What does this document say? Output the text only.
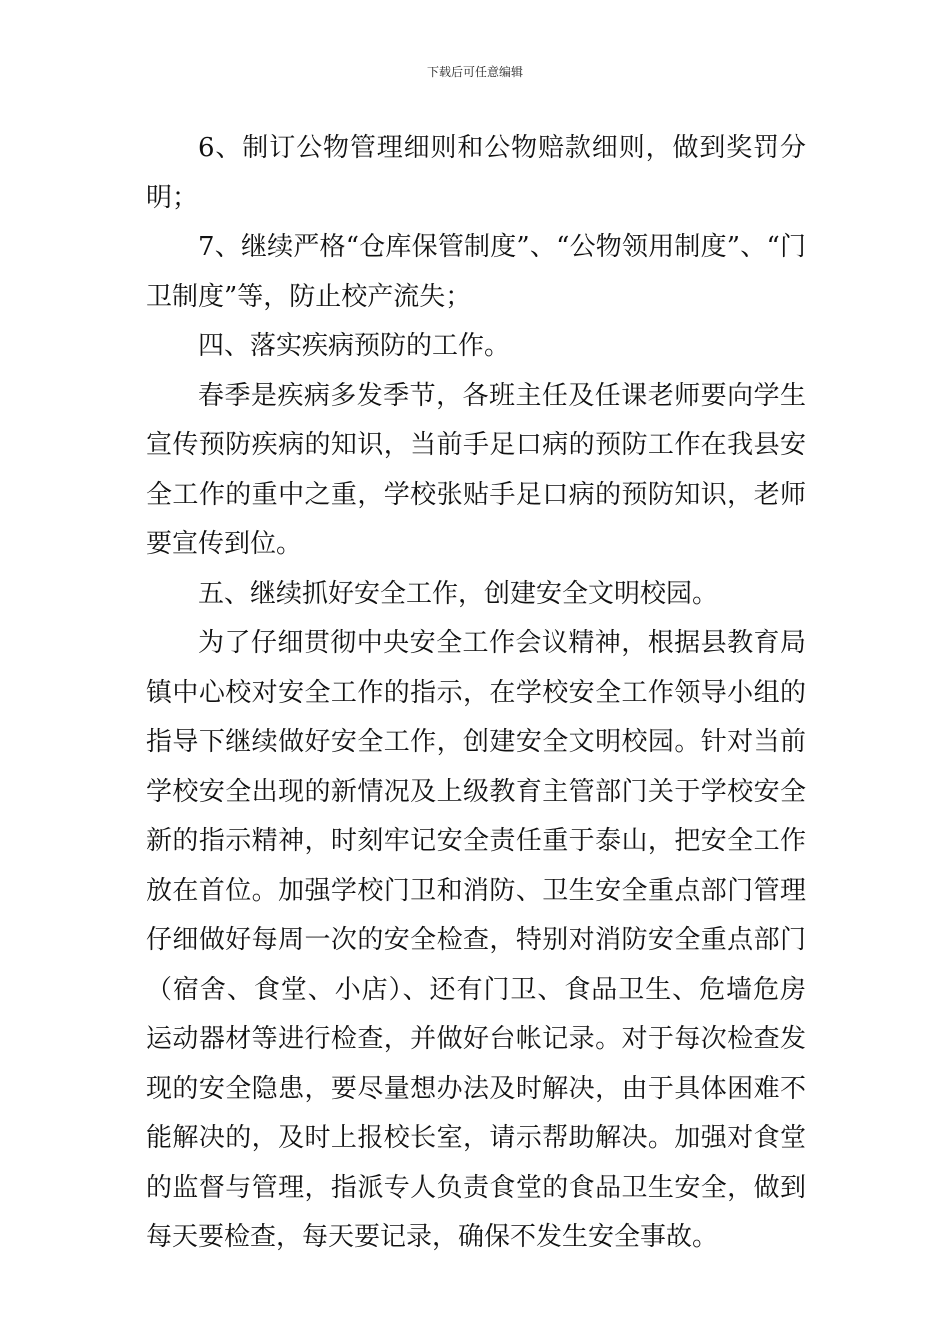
下载后可任意编辑

6、制订公物管理细则和公物赔款细则，做到奖罚分明；

7、继续严格“仓库保管制度”、“公物领用制度”、“门卫制度”等，防止校产流失；

四、落实疾病预防的工作。

春季是疾病多发季节，各班主任及任课老师要向学生宣传预防疾病的知识，当前手足口病的预防工作在我县安全工作的重中之重，学校张贴手足口病的预防知识，老师要宣传到位。

五、继续抓好安全工作，创建安全文明校园。

为了仔细贯彻中央安全工作会议精神，根据县教育局镇中心校对安全工作的指示，在学校安全工作领导小组的指导下继续做好安全工作，创建安全文明校园。针对当前学校安全出现的新情况及上级教育主管部门关于学校安全新的指示精神，时刻牢记安全责任重于泰山，把安全工作放在首位。加强学校门卫和消防、卫生安全重点部门管理仔细做好每周一次的安全检查，特别对消防安全重点部门（宿舍、食堂、小店）、还有门卫、食品卫生、危墙危房运动器材等进行检查，并做好台帐记录。对于每次检查发现的安全隐患，要尽量想办法及时解决，由于具体困难不能解决的，及时上报校长室，请示帮助解决。加强对食堂的监督与管理，指派专人负责食堂的食品卫生安全，做到每天要检查，每天要记录，确保不发生安全事故。
